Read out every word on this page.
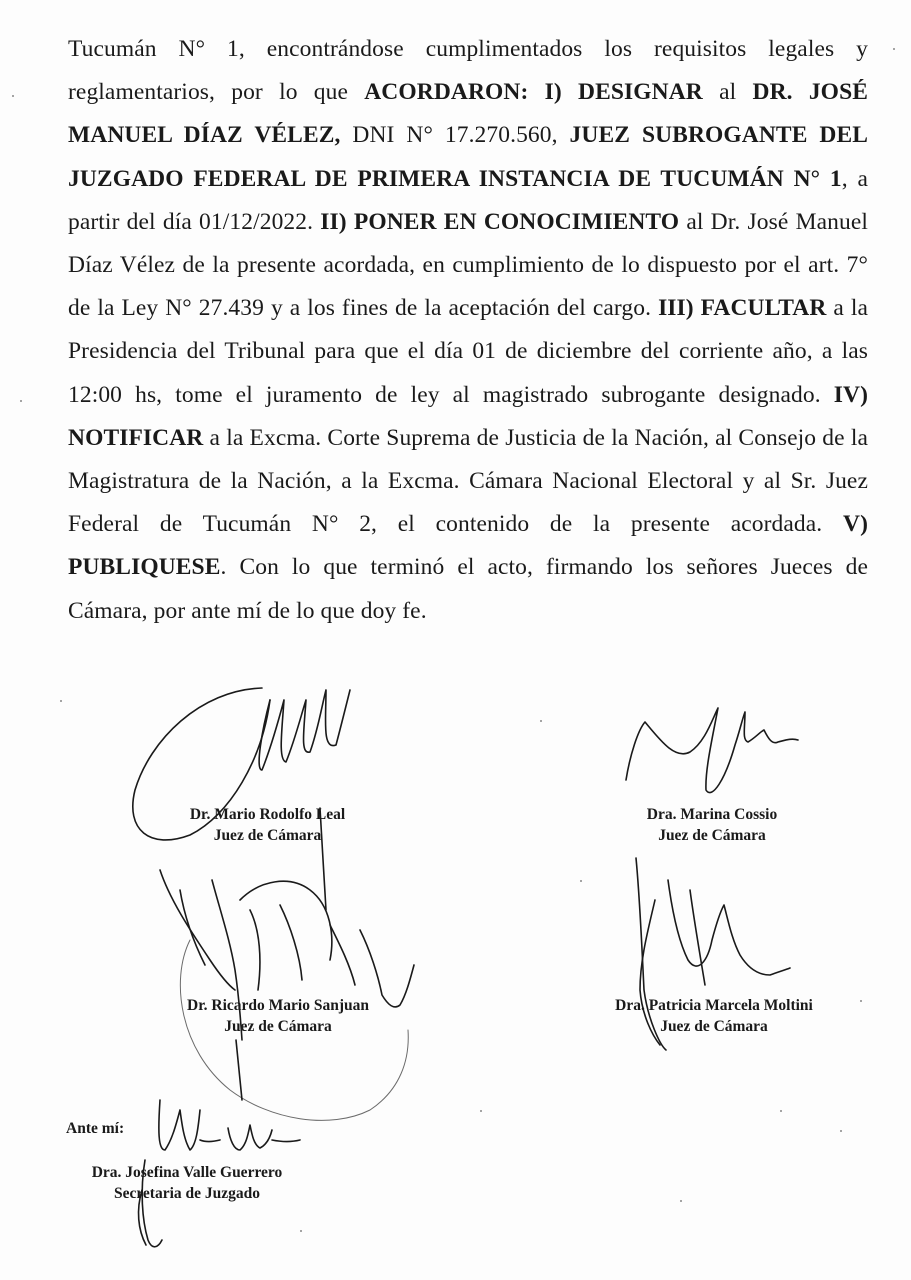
Tucumán N° 1, encontrándose cumplimentados los requisitos legales y reglamentarios, por lo que ACORDARON: I) DESIGNAR al DR. JOSÉ MANUEL DÍAZ VÉLEZ, DNI N° 17.270.560, JUEZ SUBROGANTE DEL JUZGADO FEDERAL DE PRIMERA INSTANCIA DE TUCUMÁN N° 1, a partir del día 01/12/2022. II) PONER EN CONOCIMIENTO al Dr. José Manuel Díaz Vélez de la presente acordada, en cumplimiento de lo dispuesto por el art. 7° de la Ley N° 27.439 y a los fines de la aceptación del cargo. III) FACULTAR a la Presidencia del Tribunal para que el día 01 de diciembre del corriente año, a las 12:00 hs, tome el juramento de ley al magistrado subrogante designado. IV) NOTIFICAR a la Excma. Corte Suprema de Justicia de la Nación, al Consejo de la Magistratura de la Nación, a la Excma. Cámara Nacional Electoral y al Sr. Juez Federal de Tucumán N° 2, el contenido de la presente acordada. V) PUBLIQUESE. Con lo que terminó el acto, firmando los señores Jueces de Cámara, por ante mí de lo que doy fe.
Dr. Mario Rodolfo Leal
Juez de Cámara
Dra. Marina Cossio
Juez de Cámara
Dr. Ricardo Mario Sanjuan
Juez de Cámara
Dra. Patricia Marcela Moltini
Juez de Cámara
Ante mí:
Dra. Josefina Valle Guerrero
Secretaria de Juzgado
